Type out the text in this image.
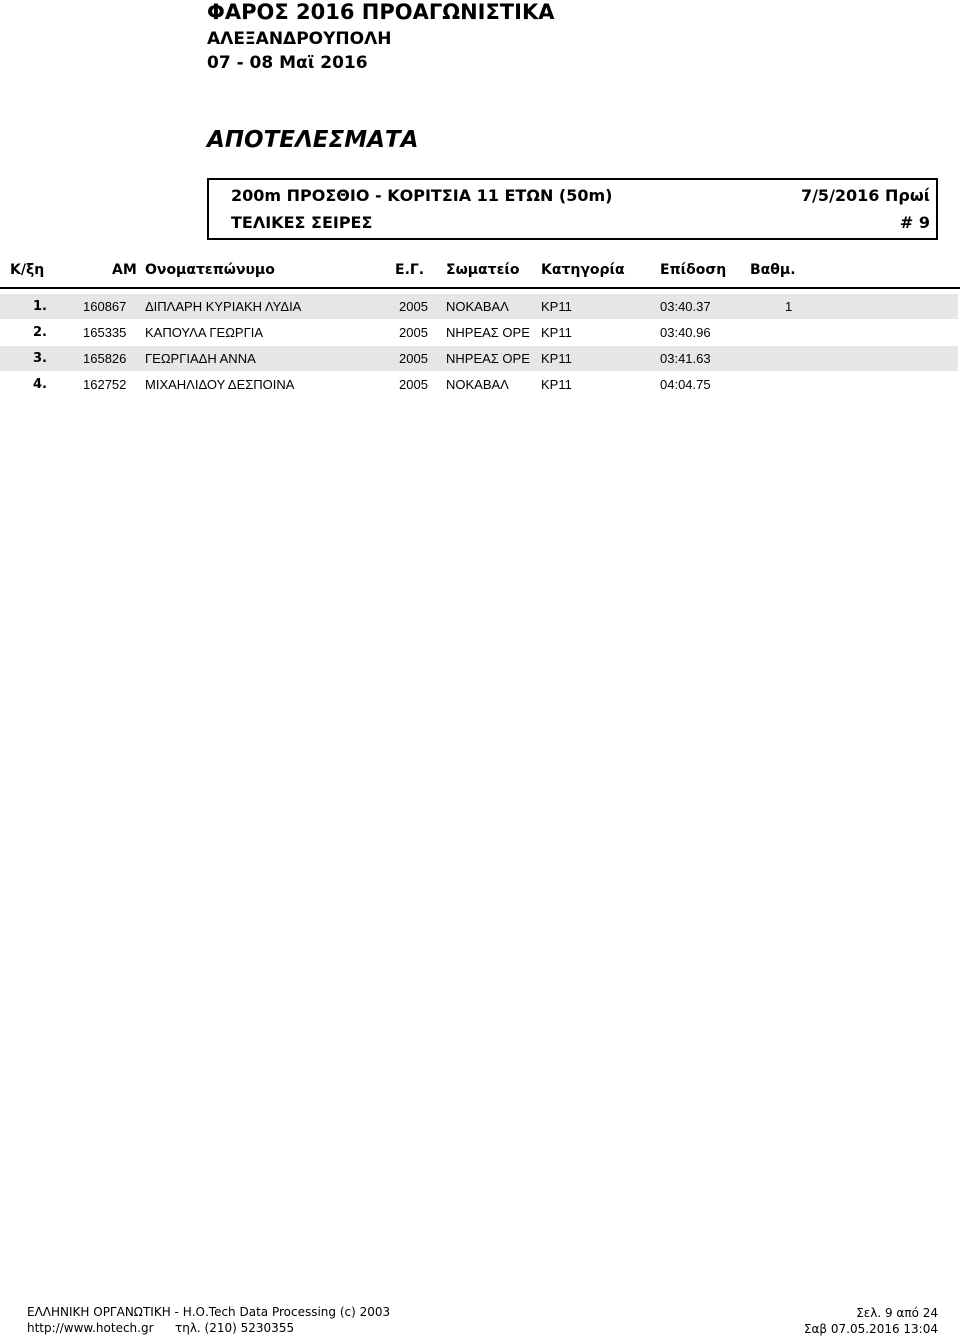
ΦΑΡΟΣ 2016 ΠΡΟΑΓΩΝΙΣΤΙΚΑ
ΑΛΕΞΑΝΔΡΟΥΠΟΛΗ
07 - 08 Μαϊ 2016
ΑΠΟΤΕΛΕΣΜΑΤΑ
200m ΠΡΟΣΘΙΟ - ΚΟΡΙΤΣΙΑ 11 ΕΤΩΝ (50m)	7/5/2016 Πρωί
ΤΕΛΙΚΕΣ ΣΕΙΡΕΣ	# 9
Κ/ξη	ΑΜ Ονοματεπώνυμο	Ε.Γ. Σωματείο Κατηγορία	Επίδοση Βαθμ.
1.	160867 ΔΙΠΛΑΡΗ ΚΥΡΙΑΚΗ ΛΥΔΙΑ	2005 ΝΟΚΑΒΑΛ ΚΡ11	03:40.37	1
2.	165335 ΚΑΠΟΥΛΑ ΓΕΩΡΓΙΑ	2005 ΝΗΡΕΑΣ ΟΡΕ ΚΡ11	03:40.96
3.	165826 ΓΕΩΡΓΙΑΔΗ ΑΝΝΑ	2005 ΝΗΡΕΑΣ ΟΡΕ ΚΡ11	03:41.63
4.	162752 ΜΙΧΑΗΛΙΔΟΥ ΔΕΣΠΟΙΝΑ	2005 ΝΟΚΑΒΑΛ ΚΡ11	04:04.75
ΕΛΛΗΝΙΚΗ ΟΡΓΑΝΩΤΙΚΗ - Η.Ο.Tech Data Processing (c) 2003
http://www.hotech.gr τηλ. (210) 5230355
Σελ. 9 από 24
Σαβ 07.05.2016 13:04
